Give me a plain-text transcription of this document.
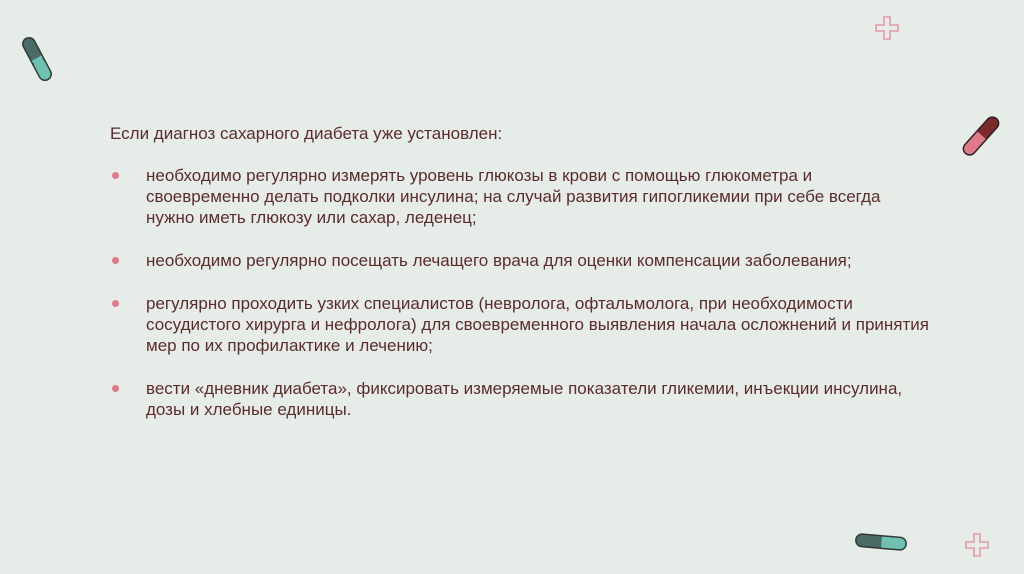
Если диагноз сахарного диабета уже установлен:

необходимо регулярно измерять уровень глюкозы в крови с помощью глюкометра и своевременно делать подколки инсулина; на случай развития гипогликемии при себе всегда нужно иметь глюкозу или сахар, леденец;
необходимо регулярно посещать лечащего врача для оценки компенсации заболевания;
регулярно проходить узких специалистов (невролога, офтальмолога, при необходимости сосудистого хирурга и нефролога) для своевременного выявления начала осложнений и принятия мер по их профилактике и лечению;
вести «дневник диабета», фиксировать измеряемые показатели гликемии, инъекции инсулина, дозы и хлебные единицы.
